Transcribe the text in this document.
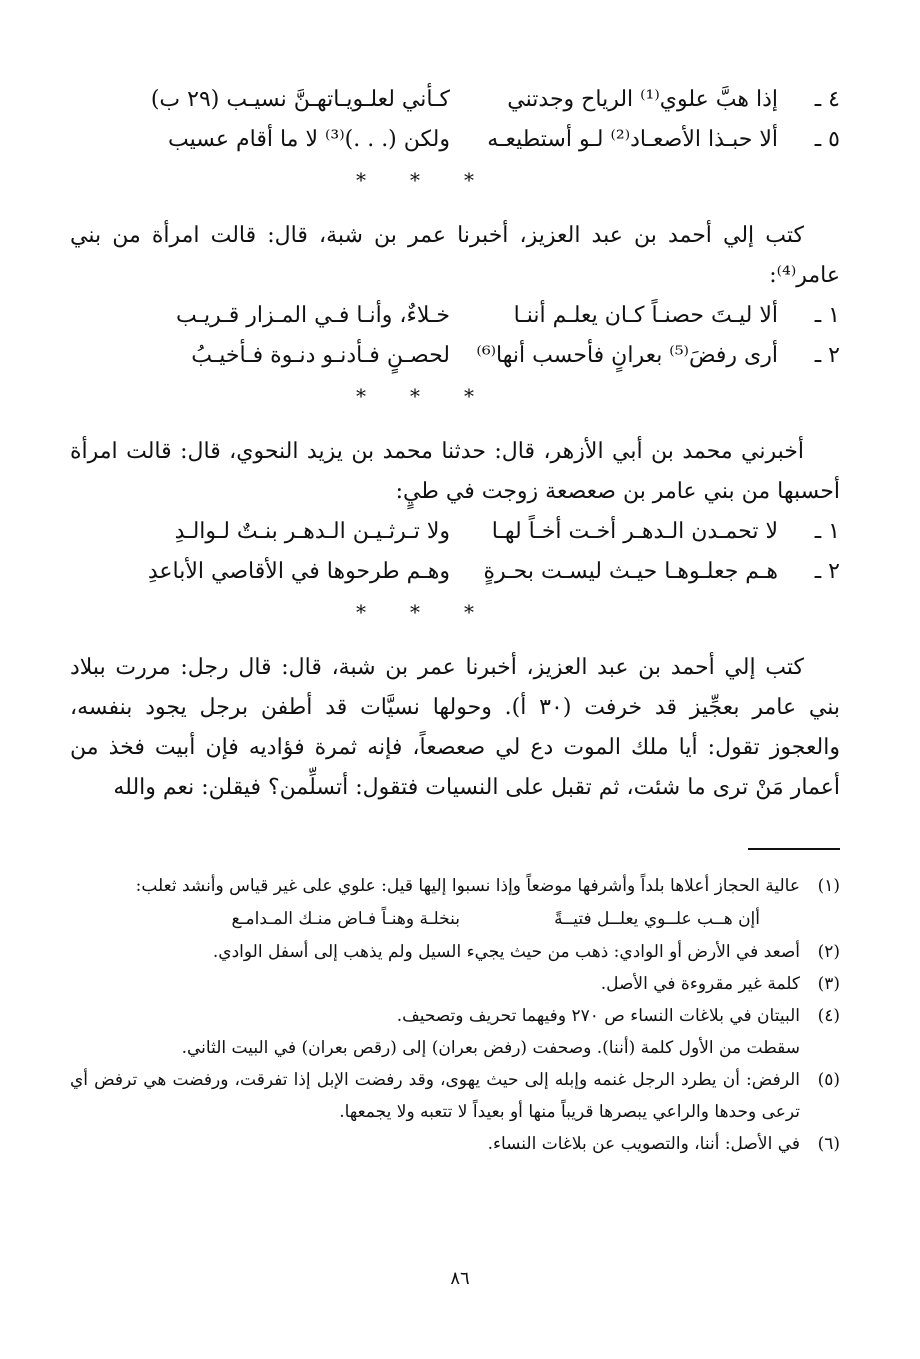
٤ ـ
إذا هبَّ علوي⁽¹⁾ الرياح وجدتني
كـأني لعلـويـاتهـنَّ نسيـب (٢٩ ب)
٥ ـ
ألا حبـذا الأصعـاد⁽²⁾ لـو أستطيعـه
ولكن (. . .)⁽³⁾ لا ما أقام عسيب
*
*
*

كتب إلي أحمد بن عبد العزيز، أخبرنا عمر بن شبة، قال: قالت امرأة من بني عامر⁽⁴⁾:

١ ـ
ألا ليـتَ حصنـاً كـان يعلـم أننـا
خـلاءٌ، وأنـا فـي المـزار قـريـب
٢ ـ
أرى رفضَ⁽⁵⁾ بعرانٍ فأحسب أنها⁽⁶⁾
لحصـنٍ فـأدنـو دنـوة فـأخيـبُ
*
*
*

أخبرني محمد بن أبي الأزهر، قال: حدثنا محمد بن يزيد النحوي، قال: قالت امرأة أحسبها من بني عامر بن صعصعة زوجت في طيٍ:

١ ـ
لا تحمـدن الـدهـر أخـت أخـاً لهـا
ولا تـرثـيـن الـدهـر بنـتٌ لـوالـدِ
٢ ـ
هـم جعلـوهـا حيـث ليسـت بحـرةٍ
وهـم طرحوها في الأقاصي الأباعدِ
*
*
*

كتب إلي أحمد بن عبد العزيز، أخبرنا عمر بن شبة، قال: قال رجل: مررت ببلاد بني عامر بعجِّيز قد خرفت (٣٠ أ). وحولها نسيَّات قد أطفن برجل يجود بنفسه، والعجوز تقول: أيا ملك الموت دع لي صعصعاً، فإنه ثمرة فؤاديه فإن أبيت فخذ من أعمار مَنْ ترى ما شئت، ثم تقبل على النسيات فتقول: أتسلِّمن؟ فيقلن: نعم والله

(١)
عالية الحجاز أعلاها بلداً وأشرفها موضعاً وإذا نسبوا إليها قيل: علوي على غير قياس وأنشد ثعلب:
أإن هــب علــوي يعلــل فتيــةً
بنخلـة وهنـاً فـاض منـك المـدامـع
(٢)
أصعد في الأرض أو الوادي: ذهب من حيث يجيء السيل ولم يذهب إلى أسفل الوادي.
(٣)
كلمة غير مقروءة في الأصل.
(٤)
البيتان في بلاغات النساء ص ٢٧٠ وفيهما تحريف وتصحيف.
سقطت من الأول كلمة (أننا). وصحفت (رفض بعران) إلى (رقص بعران) في البيت الثاني.
(٥)
الرفض: أن يطرد الرجل غنمه وإبله إلى حيث يهوى، وقد رفضت الإبل إذا تفرقت، ورفضت هي ترفض أي ترعى وحدها والراعي يبصرها قريباً منها أو بعيداً لا تتعبه ولا يجمعها.
(٦)
في الأصل: أننا، والتصويب عن بلاغات النساء.
٨٦
